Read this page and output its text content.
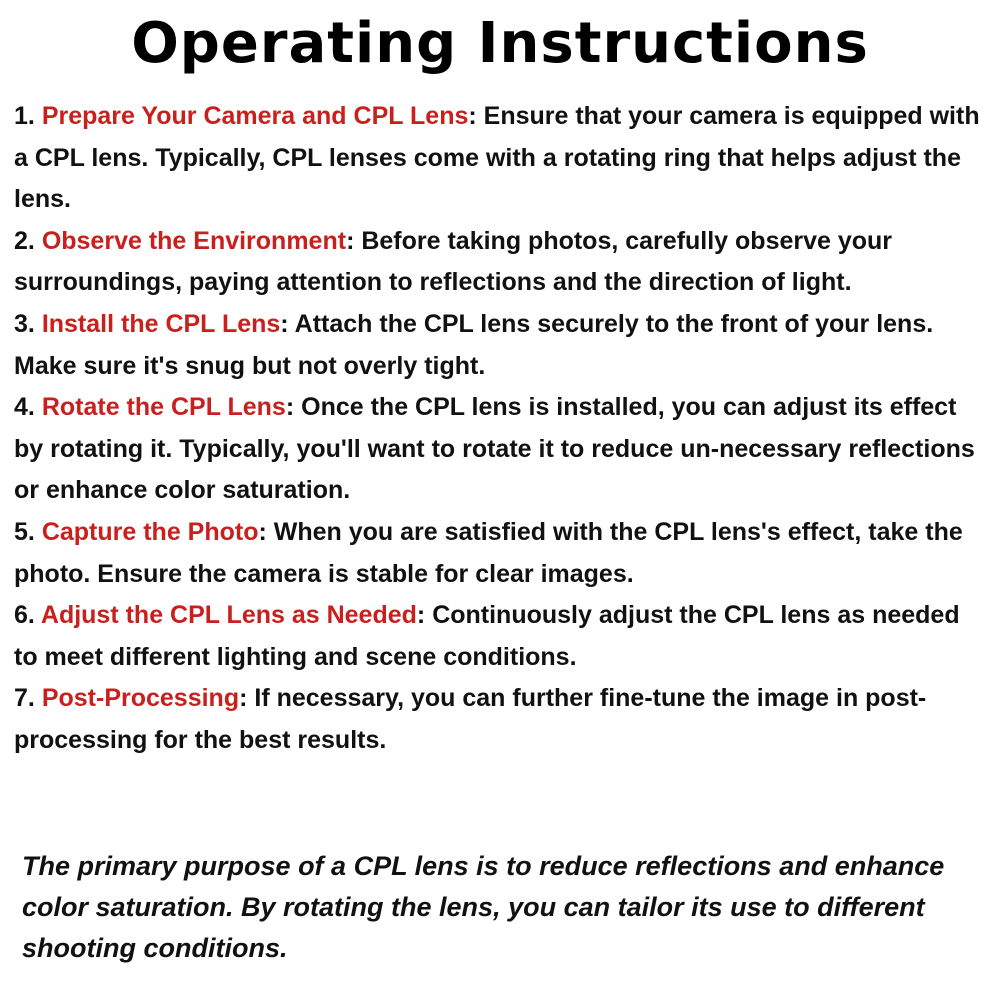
Operating Instructions

1. Prepare Your Camera and CPL Lens: Ensure that your camera is equipped with a CPL lens. Typically, CPL lenses come with a rotating ring that helps adjust the lens.

2. Observe the Environment: Before taking photos, carefully observe your surroundings, paying attention to reflections and the direction of light.

3. Install the CPL Lens: Attach the CPL lens securely to the front of your lens. Make sure it's snug but not overly tight.

4. Rotate the CPL Lens: Once the CPL lens is installed, you can adjust its effect by rotating it. Typically, you'll want to rotate it to reduce un-necessary reflections or enhance color saturation.

5. Capture the Photo: When you are satisfied with the CPL lens's effect, take the photo. Ensure the camera is stable for clear images.

6. Adjust the CPL Lens as Needed: Continuously adjust the CPL lens as needed to meet different lighting and scene conditions.

7. Post-Processing: If necessary, you can further fine-tune the image in post-processing for the best results.

The primary purpose of a CPL lens is to reduce reflections and enhance color saturation. By rotating the lens, you can tailor its use to different shooting conditions.
